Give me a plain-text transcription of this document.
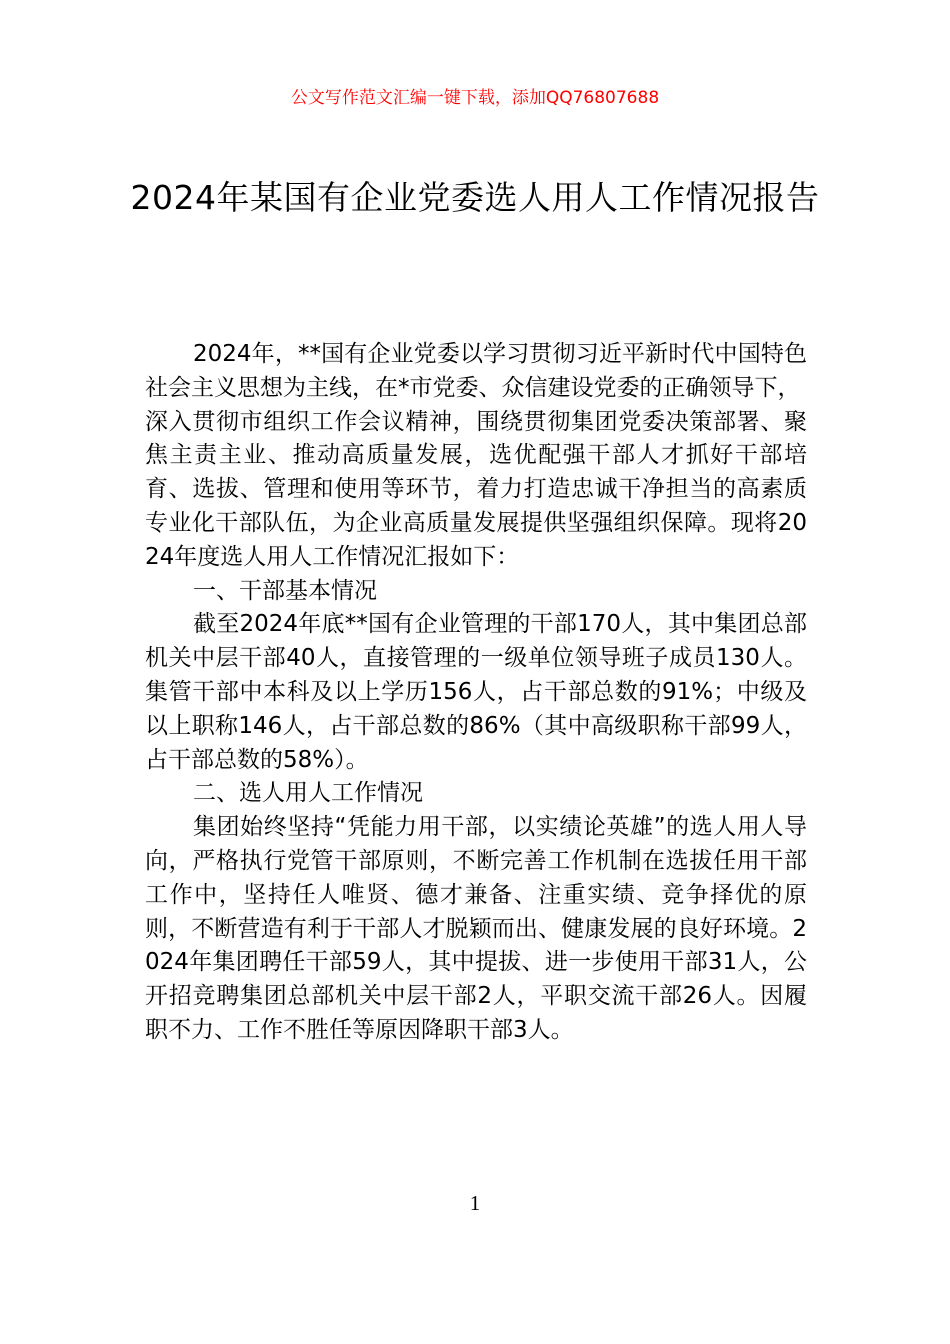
公文写作范文汇编一键下载，添加QQ76807688
2024年某国有企业党委选人用人工作情况报告

2024年，**国有企业党委以学习贯彻习近平新时代中国特色社会主义思想为主线，在*市党委、众信建设党委的正确领导下，

深入贯彻市组织工作会议精神，围绕贯彻集团党委决策部署、聚焦主责主业、推动高质量发展，选优配强干部人才抓好干部培育、选拔、管理和使用等环节，着力打造忠诚干净担当的高素质专业化干部队伍，为企业高质量发展提供坚强组织保障。现将2024年度选人用人工作情况汇报如下：

一、干部基本情况

截至2024年底**国有企业管理的干部170人，其中集团总部机关中层干部40人，直接管理的一级单位领导班子成员130人。集管干部中本科及以上学历156人，占干部总数的91%；中级及以上职称146人，占干部总数的86%（其中高级职称干部99人，占干部总数的58%）。

二、选人用人工作情况

集团始终坚持“凭能力用干部，以实绩论英雄”的选人用人导向，严格执行党管干部原则，不断完善工作机制在选拔任用干部工作中，坚持任人唯贤、德才兼备、注重实绩、竞争择优的原则，不断营造有利于干部人才脱颖而出、健康发展的良好环境。2024年集团聘任干部59人，其中提拔、进一步使用干部31人，公开招竞聘集团总部机关中层干部2人，平职交流干部26人。因履职不力、工作不胜任等原因降职干部3人。

1
